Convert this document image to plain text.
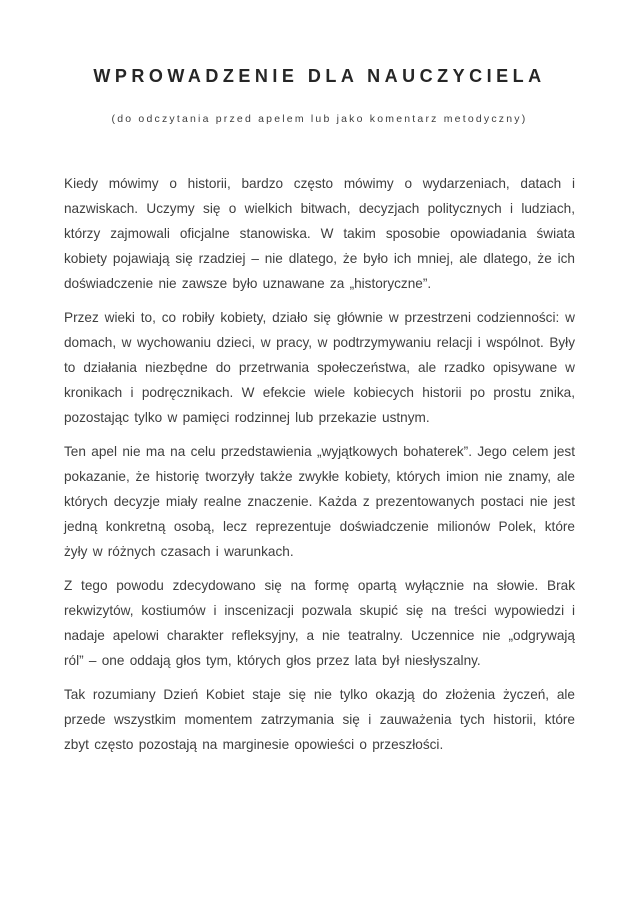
WPROWADZENIE DLA NAUCZYCIELA
(do odczytania przed apelem lub jako komentarz metodyczny)

Kiedy mówimy o historii, bardzo często mówimy o wydarzeniach, datach i nazwiskach. Uczymy się o wielkich bitwach, decyzjach politycznych i ludziach, którzy zajmowali oficjalne stanowiska. W takim sposobie opowiadania świata kobiety pojawiają się rzadziej – nie dlatego, że było ich mniej, ale dlatego, że ich doświadczenie nie zawsze było uznawane za „historyczne”.

Przez wieki to, co robiły kobiety, działo się głównie w przestrzeni codzienności: w domach, w wychowaniu dzieci, w pracy, w podtrzymywaniu relacji i wspólnot. Były to działania niezbędne do przetrwania społeczeństwa, ale rzadko opisywane w kronikach i podręcznikach. W efekcie wiele kobiecych historii po prostu znika, pozostając tylko w pamięci rodzinnej lub przekazie ustnym.

Ten apel nie ma na celu przedstawienia „wyjątkowych bohaterek”. Jego celem jest pokazanie, że historię tworzyły także zwykłe kobiety, których imion nie znamy, ale których decyzje miały realne znaczenie. Każda z prezentowanych postaci nie jest jedną konkretną osobą, lecz reprezentuje doświadczenie milionów Polek, które żyły w różnych czasach i warunkach.

Z tego powodu zdecydowano się na formę opartą wyłącznie na słowie. Brak rekwizytów, kostiumów i inscenizacji pozwala skupić się na treści wypowiedzi i nadaje apelowi charakter refleksyjny, a nie teatralny. Uczennice nie „odgrywają ról” – one oddają głos tym, których głos przez lata był niesłyszalny.

Tak rozumiany Dzień Kobiet staje się nie tylko okazją do złożenia życzeń, ale przede wszystkim momentem zatrzymania się i zauważenia tych historii, które zbyt często pozostają na marginesie opowieści o przeszłości.
